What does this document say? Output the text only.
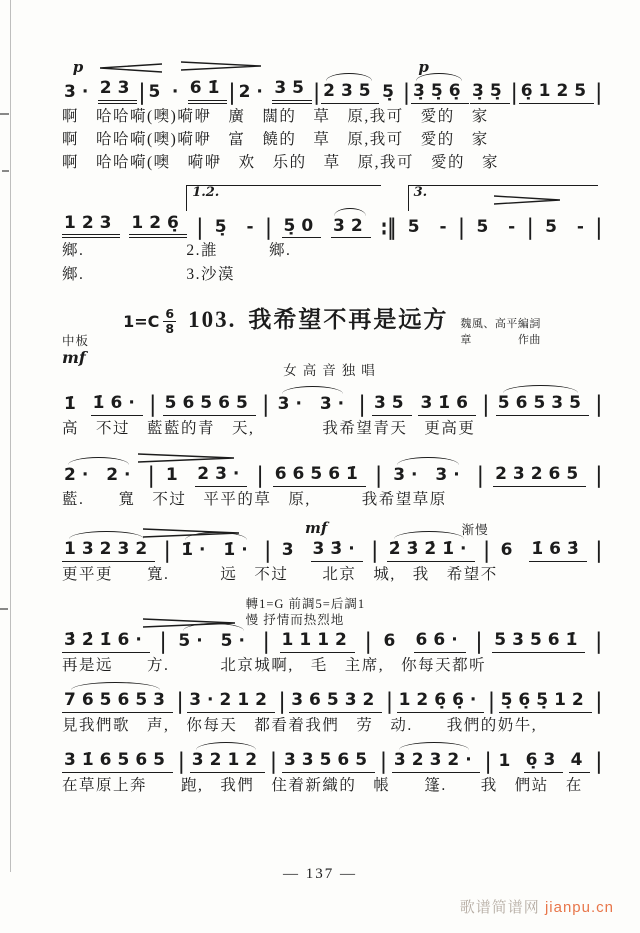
p	p
3· 23 | 5 · 61̇ | 2· 35 | 235 5̣ | 3̣5̣6̣ 3̣5̣ | 6̣125 |
啊　哈哈嗬(噢)嗬咿　廣　闊的　草　原,我可　愛的　家
啊　哈哈嗬(噢)嗬咿　富　饒的　草　原,我可　愛的　家
啊　哈哈嗬(噢　嗬咿　欢　乐的　草　原,我可　愛的　家
1.2.	3.
123 126̣ | 5̣ - | 5̣0 32 :‖ 5 - | 5 - | 5 - |
鄉.　　　　　　2.誰　　　鄉.
鄉.　　　　　　3.沙漠
$1=C \frac{6}{8} 103$. 我希望不再是远方 魏風、高平編詞
章　　　　作曲
中板
mf
女高音独唱
1̇ 1̇6· | 56565 | 3· 3· | 35 31̇6 | 56535 |
高　不过　藍藍的青　天,　　　　我希望青天　更高更
2· 2· | 1 23· | 66561̇ | 3· 3· | 23265 |
藍.　　寬　不过　平平的草　原,　　　我希望草原
mf	渐慢
13232 | 1̇· 1̇· | 3 33̇· | 2̇3̇2̇1̇· | 6 1̇63̇ |
更平更　　寬.　　　远　不过　　北京　城,　我　希望不
轉1=G 前調5=后調1
慢 抒情而热烈地
3̇2̇1̇6· | 5· 5· | 1112 | 6 66· | 53561̇ |
再是远　　方.　　　北京城啊,　毛　主席,　你每天都听
765653 | 3·212 | 36532 | 126̣6̣· | 5̣6̣5̣12 |
見我們歌　声,　你每天　都看着我們　劳　动.　　我們的奶牛,
31̇6565 | 3212 | 33565 | 3232· | 1 6̣3 4 |
在草原上奔　　跑,　我們　住着新織的　帳　　篷.　　我　們站　在
— 137 —
歌谱简谱网 jianpu.cn
